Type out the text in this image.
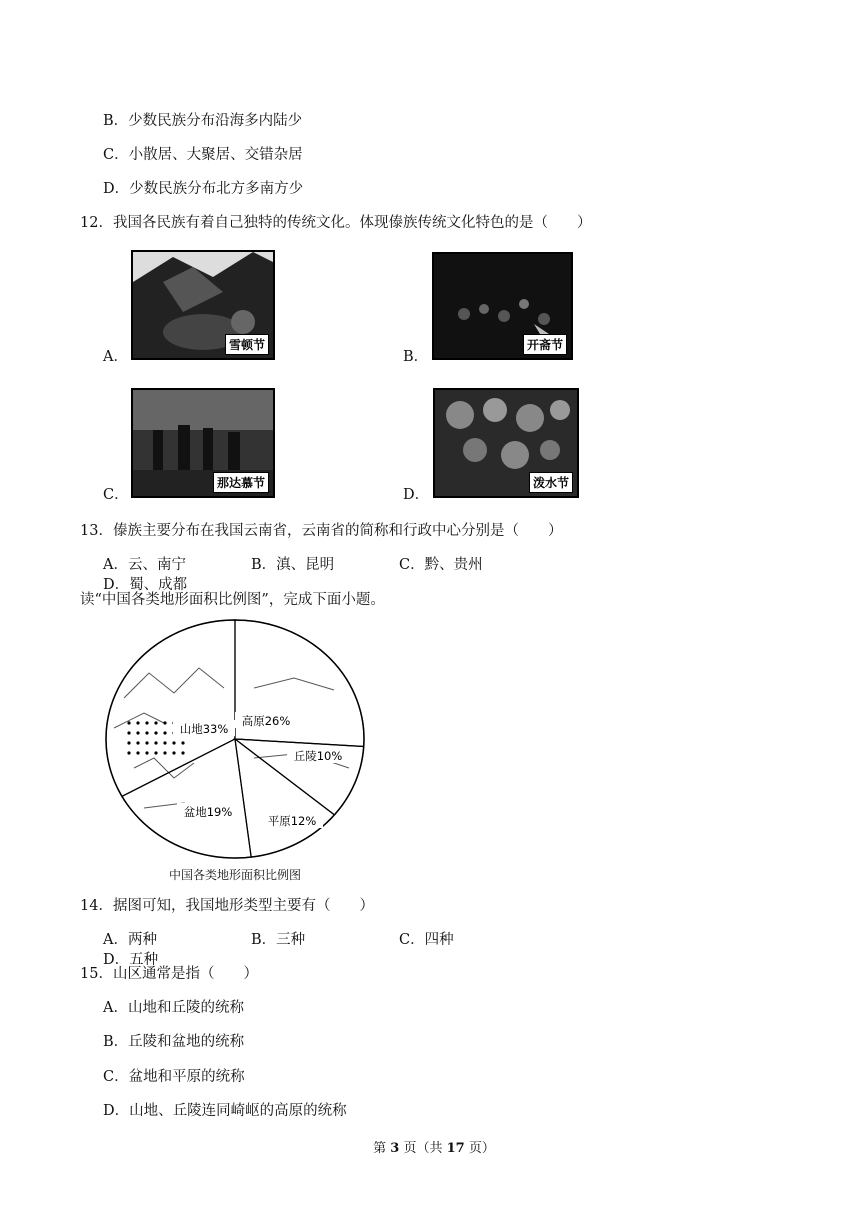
B．少数民族分布沿海多内陆少
C．小散居、大聚居、交错杂居
D．少数民族分布北方多南方少
12．我国各民族有着自己独特的传统文化。体现傣族传统文化特色的是（　　）
A．
雪顿节
B．
开斋节
C．
那达慕节
D．
泼水节
13．傣族主要分布在我国云南省，云南省的简称和行政中心分别是（　　）
A．云、南宁	B．滇、昆明	C．黔、贵州D．蜀、成都
读“中国各类地形面积比例图”，完成下面小题。
山地33%
高原26%
丘陵10%
平原12%
盆地19%
中国各类地形面积比例图
14．据图可知，我国地形类型主要有（　　）
A．两种	B．三种	C．四种D．五种
15．山区通常是指（　　）
A．山地和丘陵的统称
B．丘陵和盆地的统称
C．盆地和平原的统称
D．山地、丘陵连同崎岖的高原的统称
第 3 页（共 17 页）
